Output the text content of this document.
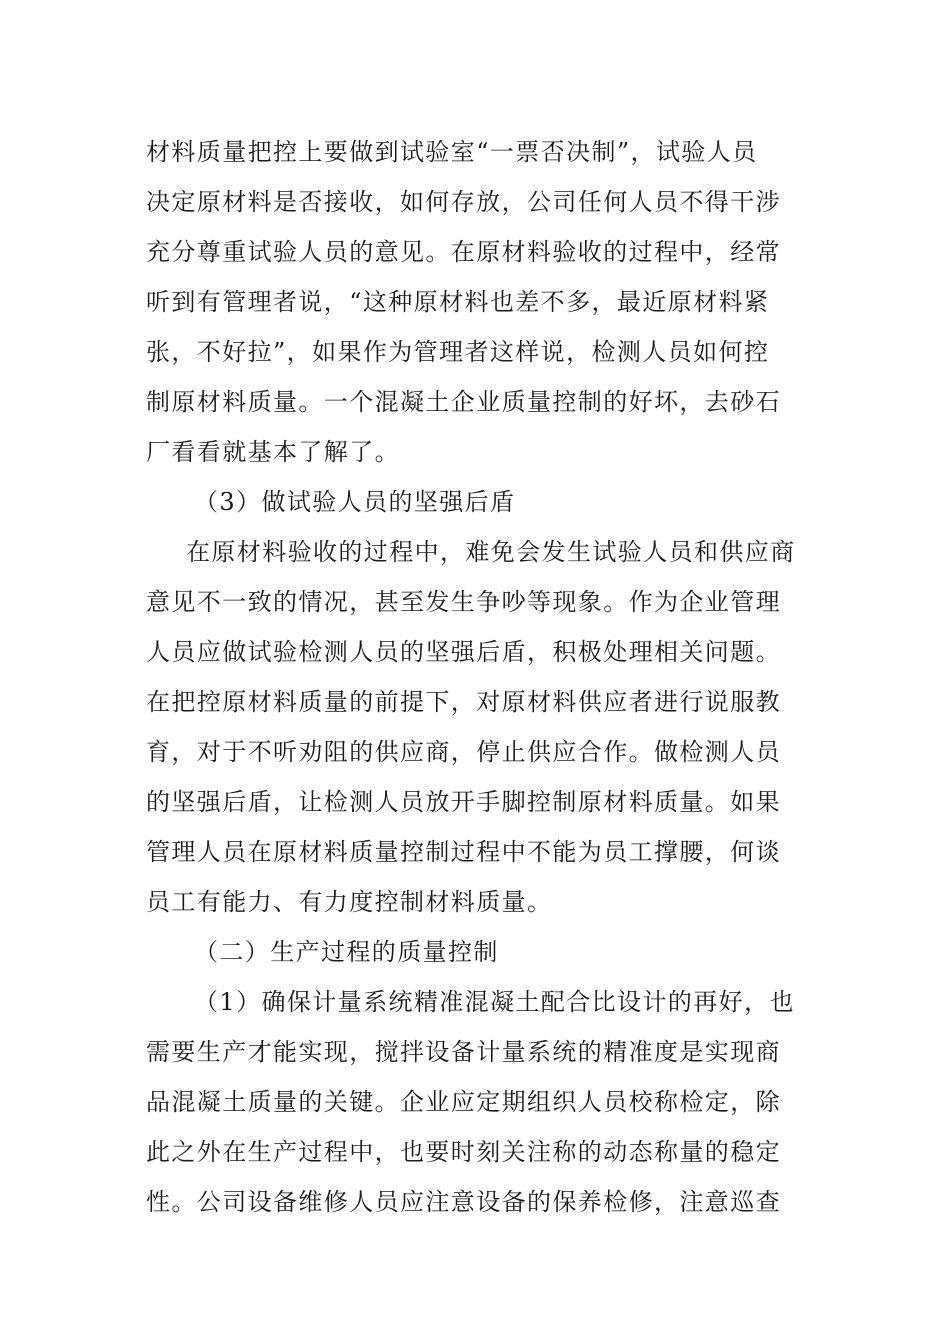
材料质量把控上要做到试验室“一票否决制”，试验人员
决定原材料是否接收，如何存放，公司任何人员不得干涉
充分尊重试验人员的意见。在原材料验收的过程中，经常
听到有管理者说，“这种原材料也差不多，最近原材料紧
张，不好拉”，如果作为管理者这样说，检测人员如何控
制原材料质量。一个混凝土企业质量控制的好坏，去砂石
厂看看就基本了解了。
（3）做试验人员的坚强后盾
在原材料验收的过程中，难免会发生试验人员和供应商
意见不一致的情况，甚至发生争吵等现象。作为企业管理
人员应做试验检测人员的坚强后盾，积极处理相关问题。
在把控原材料质量的前提下，对原材料供应者进行说服教
育，对于不听劝阻的供应商，停止供应合作。做检测人员
的坚强后盾，让检测人员放开手脚控制原材料质量。如果
管理人员在原材料质量控制过程中不能为员工撑腰，何谈
员工有能力、有力度控制材料质量。
（二）生产过程的质量控制
（1）确保计量系统精准混凝土配合比设计的再好，也
需要生产才能实现，搅拌设备计量系统的精准度是实现商
品混凝土质量的关键。企业应定期组织人员校称检定，除
此之外在生产过程中，也要时刻关注称的动态称量的稳定
性。公司设备维修人员应注意设备的保养检修，注意巡查
